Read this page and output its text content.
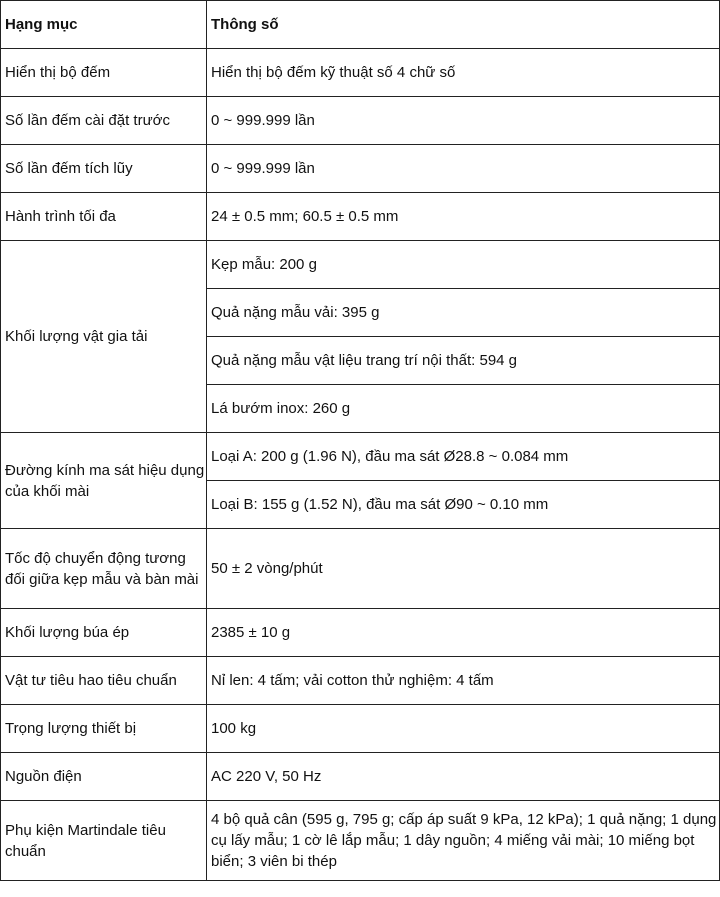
Hạng mục	Thông số
Hiển thị bộ đếm	Hiển thị bộ đếm kỹ thuật số 4 chữ số
Số lần đếm cài đặt trước	0 ~ 999.999 lần
Số lần đếm tích lũy	0 ~ 999.999 lần
Hành trình tối đa	24 ± 0.5 mm; 60.5 ± 0.5 mm
Khối lượng vật gia tải	Kẹp mẫu: 200 g
	Quả nặng mẫu vải: 395 g
	Quả nặng mẫu vật liệu trang trí nội thất: 594 g
	Lá bướm inox: 260 g
Đường kính ma sát hiệu dụng của khối mài	Loại A: 200 g (1.96 N), đầu ma sát Ø28.8 ~ 0.084 mm
	Loại B: 155 g (1.52 N), đầu ma sát Ø90 ~ 0.10 mm
Tốc độ chuyển động tương đối giữa kẹp mẫu và bàn mài	50 ± 2 vòng/phút
Khối lượng búa ép	2385 ± 10 g
Vật tư tiêu hao tiêu chuẩn	Nỉ len: 4 tấm; vải cotton thử nghiệm: 4 tấm
Trọng lượng thiết bị	100 kg
Nguồn điện	AC 220 V, 50 Hz
Phụ kiện Martindale tiêu chuẩn	4 bộ quả cân (595 g, 795 g; cấp áp suất 9 kPa, 12 kPa); 1 quả nặng; 1 dụng cụ lấy mẫu; 1 cờ lê lắp mẫu; 1 dây nguồn; 4 miếng vải mài; 10 miếng bọt biển; 3 viên bi thép
